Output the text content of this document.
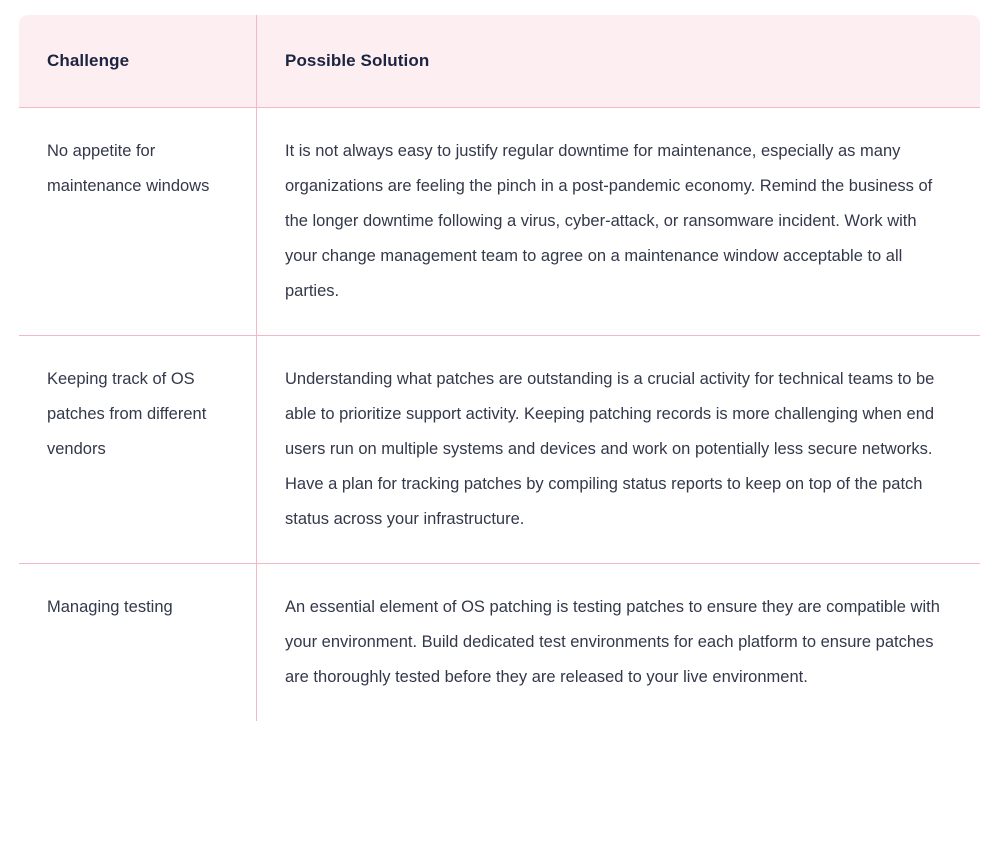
Challenge	Possible Solution
No appetite for maintenance windows	It is not always easy to justify regular downtime for maintenance, especially as many organizations are feeling the pinch in a post-pandemic economy. Remind the business of the longer downtime following a virus, cyber-attack, or ransomware incident. Work with your change management team to agree on a maintenance window acceptable to all parties.
Keeping track of OS patches from different vendors	Understanding what patches are outstanding is a crucial activity for technical teams to be able to prioritize support activity. Keeping patching records is more challenging when end users run on multiple systems and devices and work on potentially less secure networks. Have a plan for tracking patches by compiling status reports to keep on top of the patch status across your infrastructure.
Managing testing	An essential element of OS patching is testing patches to ensure they are compatible with your environment. Build dedicated test environments for each platform to ensure patches are thoroughly tested before they are released to your live environment.
